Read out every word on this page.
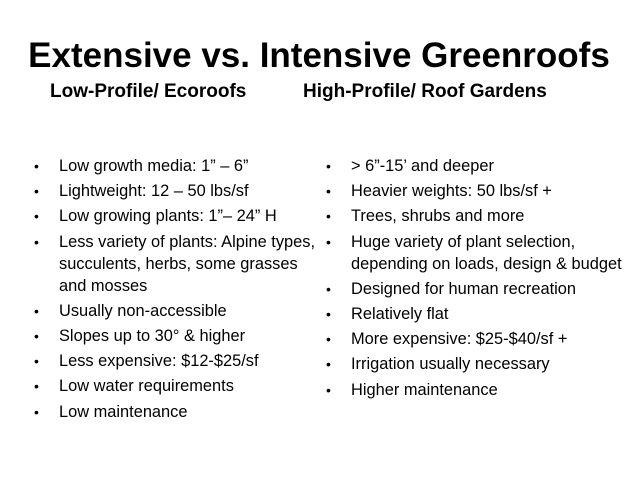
Extensive vs. Intensive Greenroofs
Low-Profile/ Ecoroofs	High-Profile/ Roof Gardens
• Low growth media: 1” – 6”
• Lightweight: 12 – 50 lbs/sf
• Low growing plants: 1”– 24” H
• Less variety of plants: Alpine types, succulents, herbs, some grasses and mosses
• Usually non-accessible
• Slopes up to 30° & higher
• Less expensive: $12-$25/sf
• Low water requirements
• Low maintenance
• > 6”-15’ and deeper
• Heavier weights: 50 lbs/sf +
• Trees, shrubs and more
• Huge variety of plant selection, depending on loads, design & budget
• Designed for human recreation
• Relatively flat
• More expensive: $25-$40/sf +
• Irrigation usually necessary
• Higher maintenance
